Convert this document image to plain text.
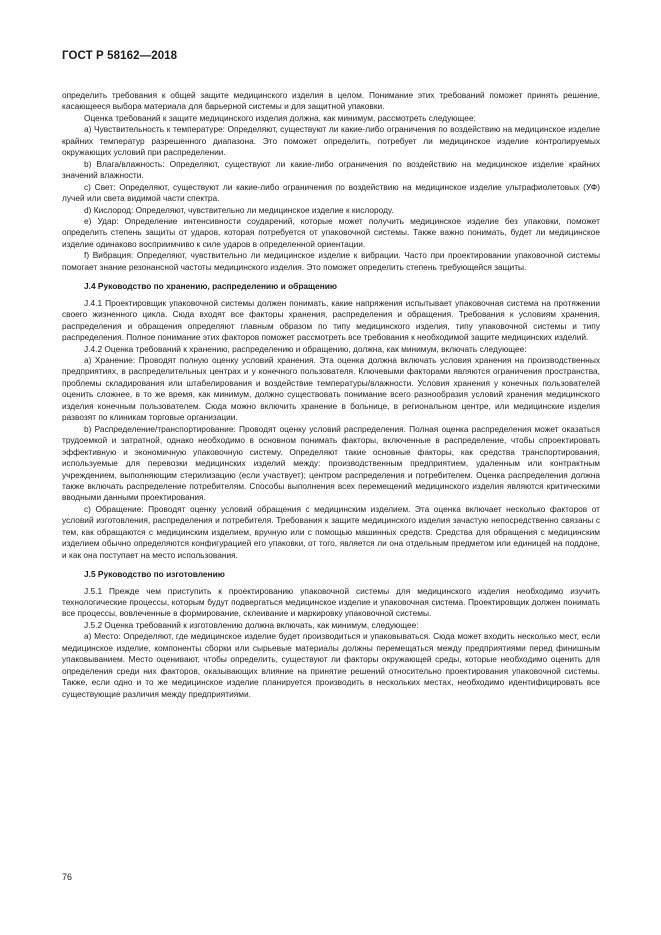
ГОСТ Р 58162—2018

определить требования к общей защите медицинского изделия в целом. Понимание этих требований поможет принять решение, касающееся выбора материала для барьерной системы и для защитной упаковки.

Оценка требований к защите медицинского изделия должна, как минимум, рассмотреть следующее:

a) Чувствительность к температуре: Определяют, существуют ли какие-либо ограничения по воздействию на медицинское изделие крайних температур разрешенного диапазона. Это поможет определить, потребует ли медицинское изделие контролируемых окружающих условий при распределении.

b) Влага/влажность: Определяют, существуют ли какие-либо ограничения по воздействию на медицинское изделие крайних значений влажности.

c) Свет: Определяют, существуют ли какие-либо ограничения по воздействию на медицинское изделие ультрафиолетовых (УФ) лучей или света видимой части спектра.

d) Кислород: Определяют, чувствительно ли медицинское изделие к кислороду.

e) Удар: Определение интенсивности соударений, которые может получить медицинское изделие без упаковки, поможет определить степень защиты от ударов, которая потребуется от упаковочной системы. Также важно понимать, будет ли медицинское изделие одинаково восприимчиво к силе ударов в определенной ориентации.

f) Вибрация: Определяют, чувствительно ли медицинское изделие к вибрации. Часто при проектировании упаковочной системы помогает знание резонансной частоты медицинского изделия. Это поможет определить степень требующейся защиты.

J.4 Руководство по хранению, распределению и обращению

J.4.1 Проектировщик упаковочной системы должен понимать, какие напряжения испытывает упаковочная система на протяжении своего жизненного цикла. Сюда входят все факторы хранения, распределения и обращения. Требования к условиям хранения, распределения и обращения определяют главным образом по типу медицинского изделия, типу упаковочной системы и типу распределения. Полное понимание этих факторов поможет рассмотреть все требования к необходимой защите медицинских изделий.

J.4.2 Оценка требований к хранению, распределению и обращению, должна, как минимум, включать следующее:

a) Хранение: Проводят полную оценку условий хранения. Эта оценка должна включать условия хранения на производственных предприятиях, в распределительных центрах и у конечного пользователя. Ключевыми факторами являются ограничения пространства, проблемы складирования или штабелирования и воздействие температуры/влажности. Условия хранения у конечных пользователей оценить сложнее, в то же время, как минимум, должно существовать понимание всего разнообразия условий хранения медицинского изделия конечным пользователем. Сюда можно включить хранение в больнице, в региональном центре, или медицинские изделия развозят по клиникам торговые организации.

b) Распределение/транспортирование: Проводят оценку условий распределения. Полная оценка распределения может оказаться трудоемкой и затратной, однако необходимо в основном понимать факторы, включенные в распределение, чтобы спроектировать эффективную и экономичную упаковочную систему. Определяют такие основные факторы, как средства транспортирования, используемые для перевозки медицинских изделий между: производственным предприятием, удаленным или контрактным учреждением, выполняющим стерилизацию (если участвует); центром распределения и потребителем. Оценка распределения должна также включать распределение потребителям. Способы выполнения всех перемещений медицинского изделия являются критическими вводными данными проектирования.

c) Обращение: Проводят оценку условий обращения с медицинским изделием. Эта оценка включает несколько факторов от условий изготовления, распределения и потребителя. Требования к защите медицинского изделия зачастую непосредственно связаны с тем, как обращаются с медицинским изделием, вручную или с помощью машинных средств. Средства для обращения с медицинским изделием обычно определяются конфигурацией его упаковки, от того, является ли она отдельным предметом или единицей на поддоне, и как она поступает на место использования.

J.5 Руководство по изготовлению

J.5.1 Прежде чем приступить к проектированию упаковочной системы для медицинского изделия необходимо изучить технологические процессы, которым будут подвергаться медицинское изделие и упаковочная система. Проектировщик должен понимать все процессы, вовлеченные в формирование, склеивание и маркировку упаковочной системы.

J.5.2 Оценка требований к изготовлению должна включать, как минимум, следующее:

a) Место: Определяют, где медицинское изделие будет производиться и упаковываться. Сюда может входить несколько мест, если медицинское изделие, компоненты сборки или сырьевые материалы должны перемещаться между предприятиями перед финишным упаковыванием. Место оценивают, чтобы определить, существуют ли факторы окружающей среды, которые необходимо оценить для определения среди них факторов, оказывающих влияние на принятие решений относительно проектирования упаковочной системы. Также, если одно и то же медицинское изделие планируется производить в нескольких местах, необходимо идентифицировать все существующие различия между предприятиями.

76
